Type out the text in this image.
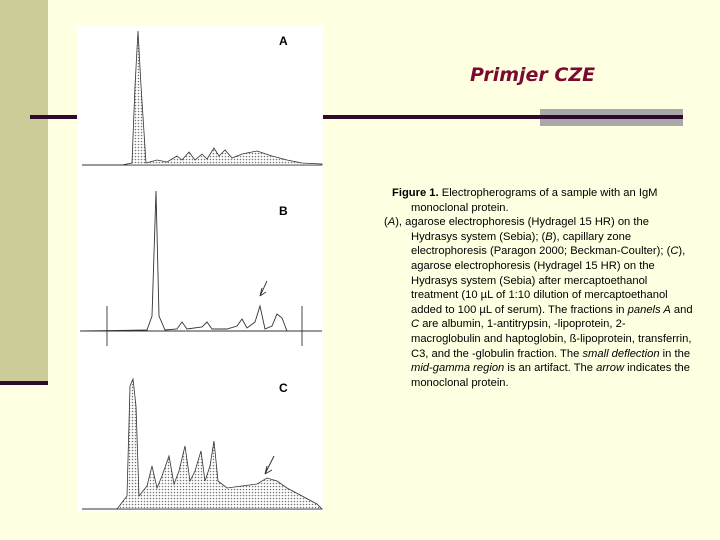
Primjer CZE
A
B
C

Figure 1. Electropherograms of a sample with an IgM

monoclonal protein.

(A), agarose electrophoresis (Hydragel 15 HR) on the Hydrasys system (Sebia); (B), capillary zone electrophoresis (Paragon 2000; Beckman-Coulter); (C), agarose electrophoresis (Hydragel 15 HR) on the Hydrasys system (Sebia) after mercaptoethanol treatment (10 µL of 1:10 dilution of mercaptoethanol added to 100 µL of serum). The fractions in panels A and C are albumin, 1-antitrypsin, -lipoprotein, 2-macroglobulin and haptoglobin, ß-lipoprotein, transferrin, C3, and the -globulin fraction. The small deflection in the mid-gamma region is an artifact. The arrow indicates the monoclonal protein.
